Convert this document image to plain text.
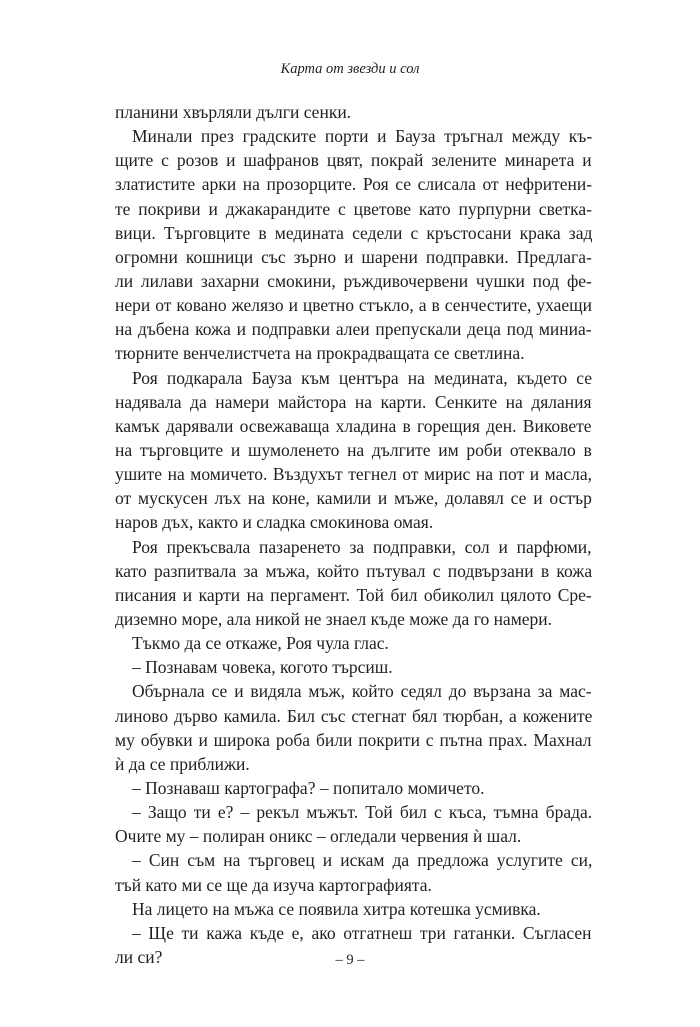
Карта от звезди и сол
планини хвърляли дълги сенки.
Минали през градските порти и Бауза тръгнал между къ-
щите с розов и шафранов цвят, покрай зелените минарета и
златистите арки на прозорците. Роя се слисала от нефритени-
те покриви и джакарандите с цветове като пурпурни светка-
вици. Търговците в медината седели с кръстосани крака зад
огромни кошници със зърно и шарени подправки. Предлага-
ли лилави захарни смокини, ръждивочервени чушки под фе-
нери от ковано желязо и цветно стъкло, а в сенчестите, ухаещи
на дъбена кожа и подправки алеи препускали деца под миниа-
тюрните венчелистчета на прокрадващата се светлина.
Роя подкарала Бауза към центъра на медината, където се
надявала да намери майстора на карти. Сенките на дялания
камък дарявали освежаваща хладина в горещия ден. Виковете
на търговците и шумоленето на дългите им роби отеквало в
ушите на момичето. Въздухът тегнел от мирис на пот и масла,
от мускусен лъх на коне, камили и мъже, долавял се и остър
наров дъх, както и сладка смокинова омая.
Роя прекъсвала пазаренето за подправки, сол и парфюми,
като разпитвала за мъжа, който пътувал с подвързани в кожа
писания и карти на пергамент. Той бил обиколил цялото Сре-
диземно море, ала никой не знаел къде може да го намери.
Тъкмо да се откаже, Роя чула глас.
– Познавам човека, когото търсиш.
Обърнала се и видяла мъж, който седял до вързана за мас-
линово дърво камила. Бил със стегнат бял тюрбан, а кожените
му обувки и широка роба били покрити с пътна прах. Махнал
ѝ да се приближи.
– Познаваш картографа? – попитало момичето.
– Защо ти е? – рекъл мъжът. Той бил с къса, тъмна брада.
Очите му – полиран оникс – огледали червения ѝ шал.
– Син съм на търговец и искам да предложа услугите си,
тъй като ми се ще да изуча картографията.
На лицето на мъжа се появила хитра котешка усмивка.
– Ще ти кажа къде е, ако отгатнеш три гатанки. Съгласен
ли си?	– 9 –
